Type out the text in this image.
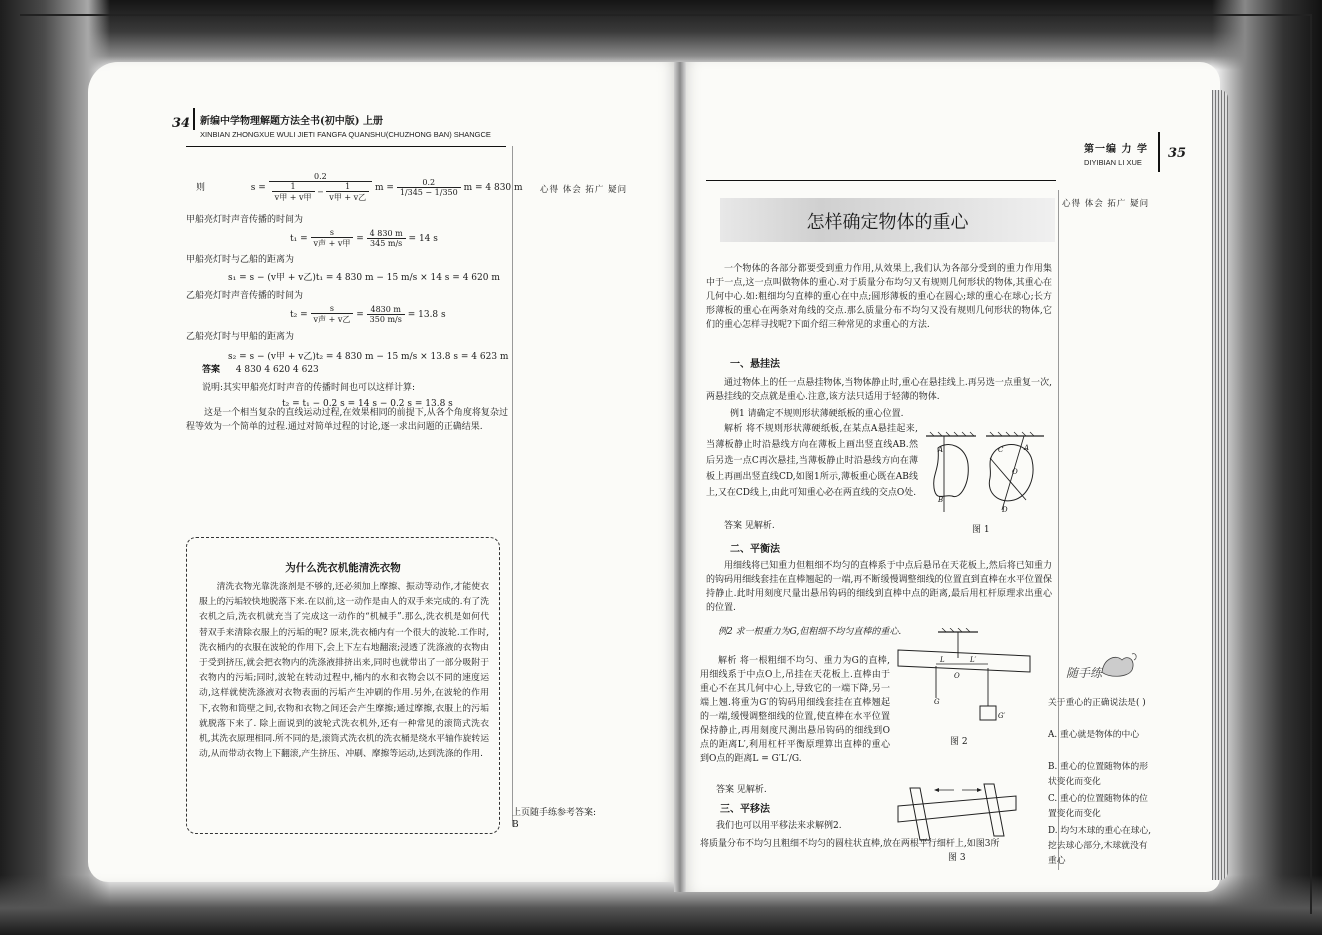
34 新编中学物理解题方法全书(初中版) 上册
XINBIAN ZHONGXUE WULI JIETI FANGFA QUANSHU(CHUZHONG BAN) SHANGCE
心得 体会 拓广 疑问
则	$s = \frac{0.2}{\frac{1}{\text{v甲 + v甲}} - \frac{1}{\text{v甲 + v乙}}}$ $m = \frac{0.2}{1/345 - 1/350}$ m = 4 830 m
甲船亮灯时声音传播的时间为
$t_1 = \frac{s}{\text{v声 + v甲}} = \frac{4 830 m}{345 m/s} = 14$ s
甲船亮灯时与乙船的距离为
s₁ = s − (v甲 + v乙)t₁ = 4 830 m − 15 m/s × 14 s = 4 620 m
乙船亮灯时声音传播的时间为
$t_2 = \frac{s}{\text{v声 + v乙}} = \frac{4830 m}{350 m/s} = 13.8$ s
乙船亮灯时与甲船的距离为
s₂ = s − (v甲 + v乙)t₂ = 4 830 m − 15 m/s × 13.8 s = 4 623 m
答案 4 830 4 620 4 623
说明:其实甲船亮灯时声音的传播时间也可以这样计算:
t₂ = t₁ − 0.2 s = 14 s − 0.2 s = 13.8 s
这是一个相当复杂的直线运动过程,在效果相同的前提下,从各个角度将复杂过程等效为一个简单的过程.通过对简单过程的讨论,逐一求出问题的正确结果.
为什么洗衣机能清洗衣物
清洗衣物光靠洗涤剂是不够的,还必须加上摩擦、振动等动作,才能使衣服上的污垢较快地脱落下来.在以前,这一动作是由人的双手来完成的.有了洗衣机之后,洗衣机就充当了完成这一动作的“机械手”.那么,洗衣机是如何代替双手来清除衣服上的污垢的呢? 原来,洗衣桶内有一个很大的波轮.工作时,洗衣桶内的衣服在波轮的作用下,会上下左右地翻滚;浸透了洗涤液的衣物由于受到挤压,就会把衣物内的洗涤液排挤出来,同时也就带出了一部分吸附于衣物内的污垢;同时,波轮在转动过程中,桶内的水和衣物会以不同的速度运动,这样就使洗涤液对衣物表面的污垢产生冲刷的作用.另外,在波轮的作用下,衣物和筒壁之间,衣物和衣物之间还会产生摩擦;通过摩擦,衣服上的污垢就脱落下来了. 除上面说到的波轮式洗衣机外,还有一种常见的滚筒式洗衣机,其洗衣原理相同.所不同的是,滚筒式洗衣机的洗衣桶是绕水平轴作旋转运动,从而带动衣物上下翻滚,产生挤压、冲刷、摩擦等运动,达到洗涤的作用.
上页随手练参考答案:
B
第一编 力 学
DIYIBIAN LI XUE
35
心得 体会 拓广 疑问
怎样确定物体的重心
一个物体的各部分都要受到重力作用,从效果上,我们认为各部分受到的重力作用集中于一点,这一点叫做物体的重心.对于质量分布均匀又有规则几何形状的物体,其重心在几何中心.如:粗细均匀直棒的重心在中点;圆形薄板的重心在圆心;球的重心在球心;长方形薄板的重心在两条对角线的交点.那么质量分布不均匀又没有规则几何形状的物体,它们的重心怎样寻找呢?下面介绍三种常见的求重心的方法.
一、悬挂法
通过物体上的任一点悬挂物体,当物体静止时,重心在悬挂线上.再另选一点重复一次,两悬挂线的交点就是重心.注意,该方法只适用于轻薄的物体.
例1 请确定不规则形状薄硬纸板的重心位置.
解析 将不规则形状薄硬纸板,在某点A悬挂起来,当薄板静止时沿悬线方向在薄板上画出竖直线AB.然后另选一点C再次悬挂,当薄板静止时沿悬线方向在薄板上再画出竖直线CD,如图1所示,薄板重心既在AB线上,又在CD线上,由此可知重心必在两直线的交点O处.
答案 见解析.
A
B
O
A
C
D
图 1
二、平衡法
用细线将已知重力但粗细不均匀的直棒系于中点后悬吊在天花板上,然后将已知重力的钩码用细线套挂在直棒翘起的一端,再不断缓慢调整细线的位置直到直棒在水平位置保持静止.此时用刻度尺量出悬吊钩码的细线到直棒中点的距离,最后用杠杆原理求出重心的位置.
例2 求一根重力为G,但粗细不均匀直棒的重心.
解析 将一根粗细不均匀、重力为G的直棒,用细线系于中点O上,吊挂在天花板上.直棒由于重心不在其几何中心上,导致它的一端下降,另一端上翘.将重为G′的钩码用细线套挂在直棒翘起的一端,缓慢调整细线的位置,使直棒在水平位置保持静止,再用刻度尺测出悬吊钩码的细线到O点的距离L′,利用杠杆平衡原理算出直棒的重心到O点的距离L = G′L′/G.
答案 见解析.
L	L′
O
G
G′
图 2
三、平移法
我们也可以用平移法来求解例2.
将质量分布不均匀且粗细不均匀的圆柱状直棒,放在两根平行细杆上,如图3所
图 3
随手练
关于重心的正确说法是( )
A. 重心就是物体的中心
B. 重心的位置随物体的形状变化而变化
C. 重心的位置随物体的位置变化而变化
D. 均匀木球的重心在球心,挖去球心部分,木球就没有重心
